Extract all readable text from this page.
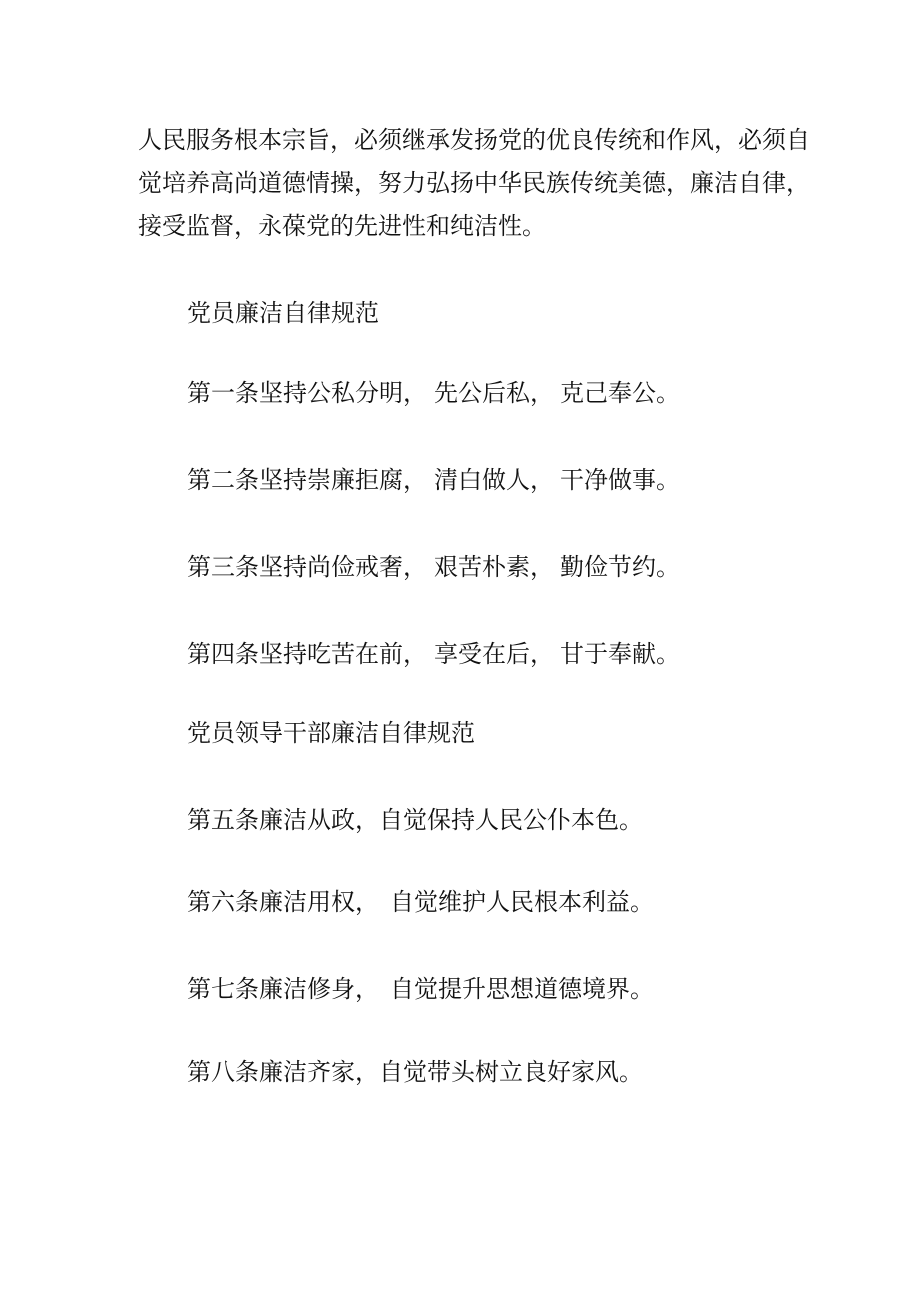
人民服务根本宗旨，必须继承发扬党的优良传统和作风，必须自
觉培养高尚道德情操，努力弘扬中华民族传统美德，廉洁自律，
接受监督，永葆党的先进性和纯洁性。
党员廉洁自律规范
第一条坚持公私分明， 先公后私， 克己奉公。
第二条坚持崇廉拒腐， 清白做人， 干净做事。
第三条坚持尚俭戒奢， 艰苦朴素， 勤俭节约。
第四条坚持吃苦在前， 享受在后， 甘于奉献。
党员领导干部廉洁自律规范
第五条廉洁从政，自觉保持人民公仆本色。
第六条廉洁用权， 自觉维护人民根本利益。
第七条廉洁修身， 自觉提升思想道德境界。
第八条廉洁齐家，自觉带头树立良好家风。
